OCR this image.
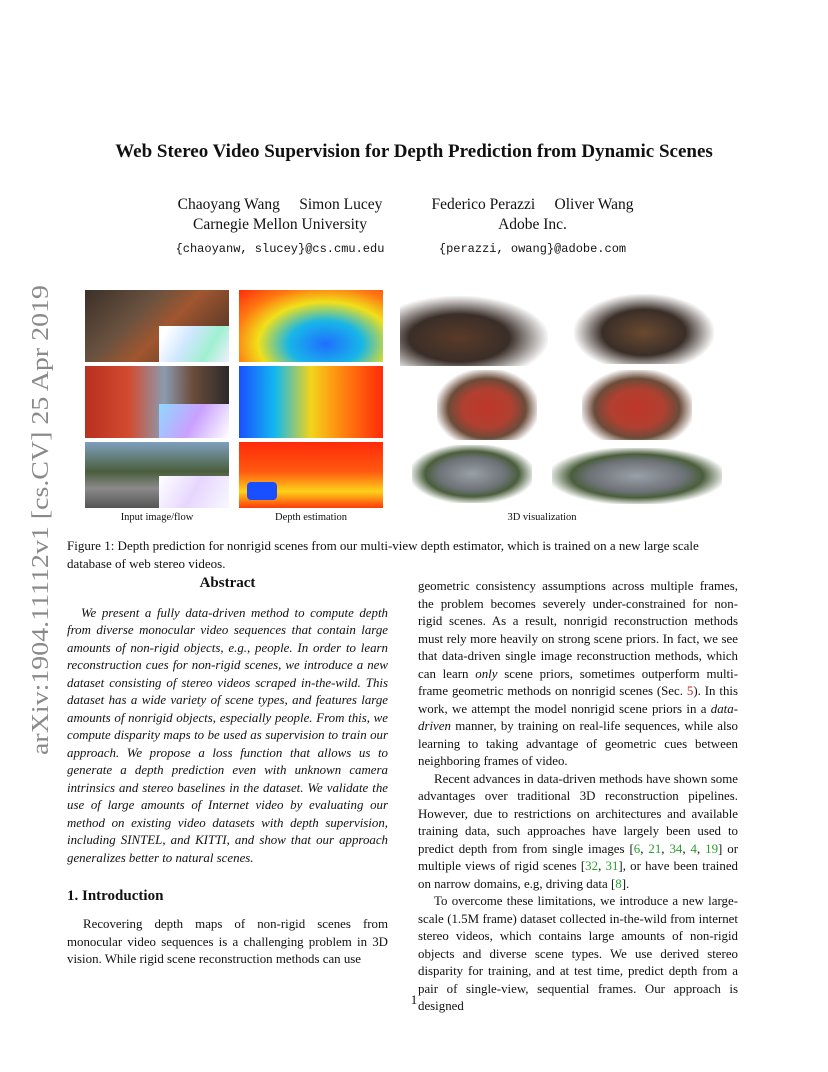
arXiv:1904.11112v1 [cs.CV] 25 Apr 2019
Web Stereo Video Supervision for Depth Prediction from Dynamic Scenes
Chaoyang Wang     Simon Lucey
Carnegie Mellon University
{chaoyanw, slucey}@cs.cmu.edu
Federico Perazzi     Oliver Wang
Adobe Inc.
{perazzi, owang}@adobe.com
Input image/flow	Depth estimation	3D visualization
Figure 1: Depth prediction for nonrigid scenes from our multi-view depth estimator, which is trained on a new large scale database of web stereo videos.
Abstract
We present a fully data-driven method to compute depth from diverse monocular video sequences that contain large amounts of non-rigid objects, e.g., people. In order to learn reconstruction cues for non-rigid scenes, we introduce a new dataset consisting of stereo videos scraped in-the-wild. This dataset has a wide variety of scene types, and features large amounts of nonrigid objects, especially people. From this, we compute disparity maps to be used as supervision to train our approach. We propose a loss function that allows us to generate a depth prediction even with unknown camera intrinsics and stereo baselines in the dataset. We validate the use of large amounts of Internet video by evaluating our method on existing video datasets with depth supervision, including SINTEL, and KITTI, and show that our approach generalizes better to natural scenes.
1. Introduction
Recovering depth maps of non-rigid scenes from monocular video sequences is a challenging problem in 3D vision. While rigid scene reconstruction methods can use

geometric consistency assumptions across multiple frames, the problem becomes severely under-constrained for non-rigid scenes. As a result, nonrigid reconstruction methods must rely more heavily on strong scene priors. In fact, we see that data-driven single image reconstruction methods, which can learn only scene priors, sometimes outperform multi-frame geometric methods on nonrigid scenes (Sec. 5). In this work, we attempt the model nonrigid scene priors in a data-driven manner, by training on real-life sequences, while also learning to taking advantage of geometric cues between neighboring frames of video.

Recent advances in data-driven methods have shown some advantages over traditional 3D reconstruction pipelines. However, due to restrictions on architectures and available training data, such approaches have largely been used to predict depth from from single images [6, 21, 34, 4, 19] or multiple views of rigid scenes [32, 31], or have been trained on narrow domains, e.g, driving data [8].

To overcome these limitations, we introduce a new large-scale (1.5M frame) dataset collected in-the-wild from internet stereo videos, which contains large amounts of non-rigid objects and diverse scene types. We use derived stereo disparity for training, and at test time, predict depth from a pair of single-view, sequential frames. Our approach is designed

1
